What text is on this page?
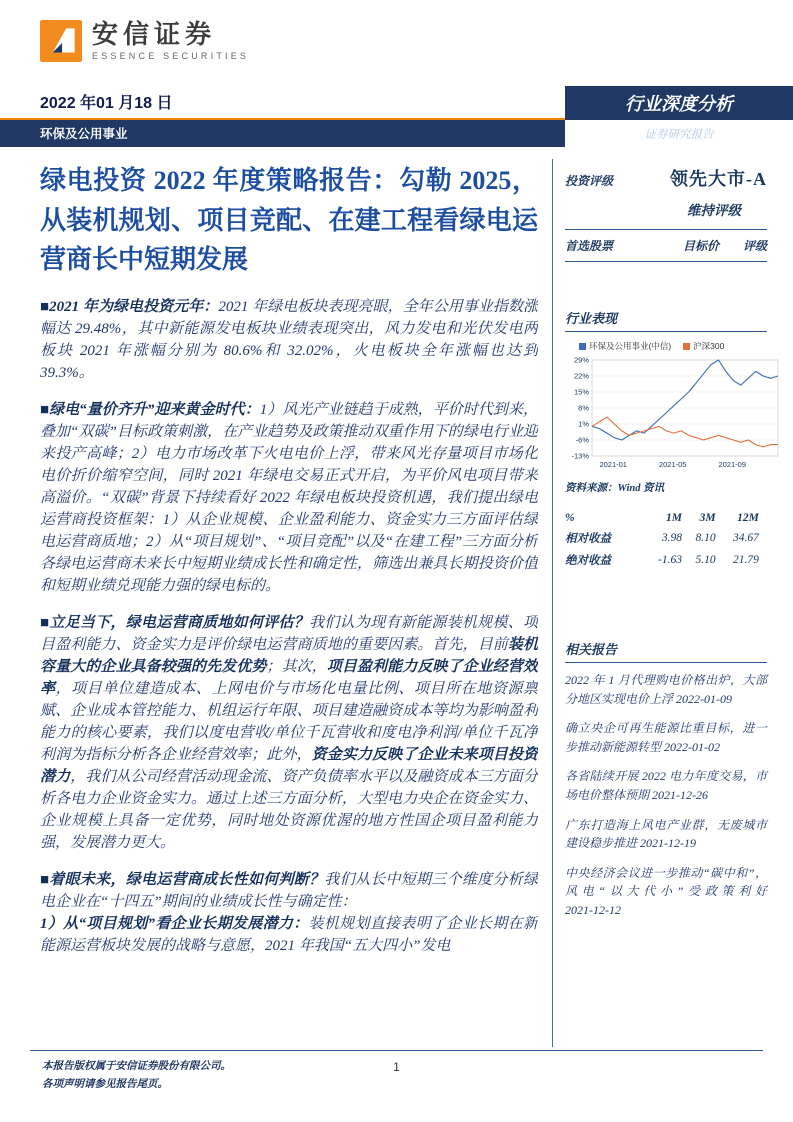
安信证券
ESSENCE SECURITIES
2022 年01 月18 日	行业深度分析
环保及公用事业	证券研究报告
绿电投资 2022 年度策略报告：勾勒 2025，从装机规划、项目竞配、在建工程看绿电运营商长中短期发展

■2021 年为绿电投资元年：2021 年绿电板块表现亮眼，全年公用事业指数涨幅达 29.48%，其中新能源发电板块业绩表现突出，风力发电和光伏发电两板块 2021 年涨幅分别为 80.6%和 32.02%，火电板块全年涨幅也达到 39.3%。

■绿电“量价齐升”迎来黄金时代：1）风光产业链趋于成熟，平价时代到来，叠加“双碳”目标政策刺激，在产业趋势及政策推动双重作用下的绿电行业迎来投产高峰；2）电力市场改革下火电电价上浮，带来风光存量项目市场化电价折价缩窄空间，同时 2021 年绿电交易正式开启，为平价风电项目带来高溢价。“双碳”背景下持续看好 2022 年绿电板块投资机遇，我们提出绿电运营商投资框架：1）从企业规模、企业盈利能力、资金实力三方面评估绿电运营商质地；2）从“项目规划”、“项目竞配”以及“在建工程”三方面分析各绿电运营商未来长中短期业绩成长性和确定性，筛选出兼具长期投资价值和短期业绩兑现能力强的绿电标的。

■立足当下，绿电运营商质地如何评估？我们认为现有新能源装机规模、项目盈利能力、资金实力是评价绿电运营商质地的重要因素。首先，目前装机容量大的企业具备较强的先发优势；其次，项目盈利能力反映了企业经营效率，项目单位建造成本、上网电价与市场化电量比例、项目所在地资源禀赋、企业成本管控能力、机组运行年限、项目建造融资成本等均为影响盈利能力的核心要素，我们以度电营收/单位千瓦营收和度电净利润/单位千瓦净利润为指标分析各企业经营效率；此外，资金实力反映了企业未来项目投资潜力，我们从公司经营活动现金流、资产负债率水平以及融资成本三方面分析各电力企业资金实力。通过上述三方面分析，大型电力央企在资金实力、企业规模上具备一定优势，同时地处资源优渥的地方性国企项目盈利能力强，发展潜力更大。

■着眼未来，绿电运营商成长性如何判断？我们从长中短期三个维度分析绿电企业在“十四五”期间的业绩成长性与确定性：

1）从“项目规划”看企业长期发展潜力：装机规划直接表明了企业长期在新能源运营板块发展的战略与意愿，2021 年我国“五大四小”发电

投资评级	领先大市-A
维持评级
首选股票	目标价	评级
行业表现
环保及公用事业(中信)	沪深300
29%
22%
15%
8%
1%
-6%
-13%
2021-01	2021-05	2021-09
资料来源：Wind 资讯
%	1M	3M	12M
相对收益	3.98	8.10	34.67
绝对收益	-1.63	5.10	21.79
相关报告
2022 年 1 月代理购电价格出炉，大部分地区实现电价上浮 2022-01-09
确立央企可再生能源比重目标，进一步推动新能源转型 2022-01-02
各省陆续开展 2022 电力年度交易，市场电价整体预期 2021-12-26
广东打造海上风电产业群，无废城市建设稳步推进 2021-12-19
中央经济会议进一步推动“碳中和”，风电“以大代小”受政策利好 2021-12-12
本报告版权属于安信证券股份有限公司。
各项声明请参见报告尾页。
1
